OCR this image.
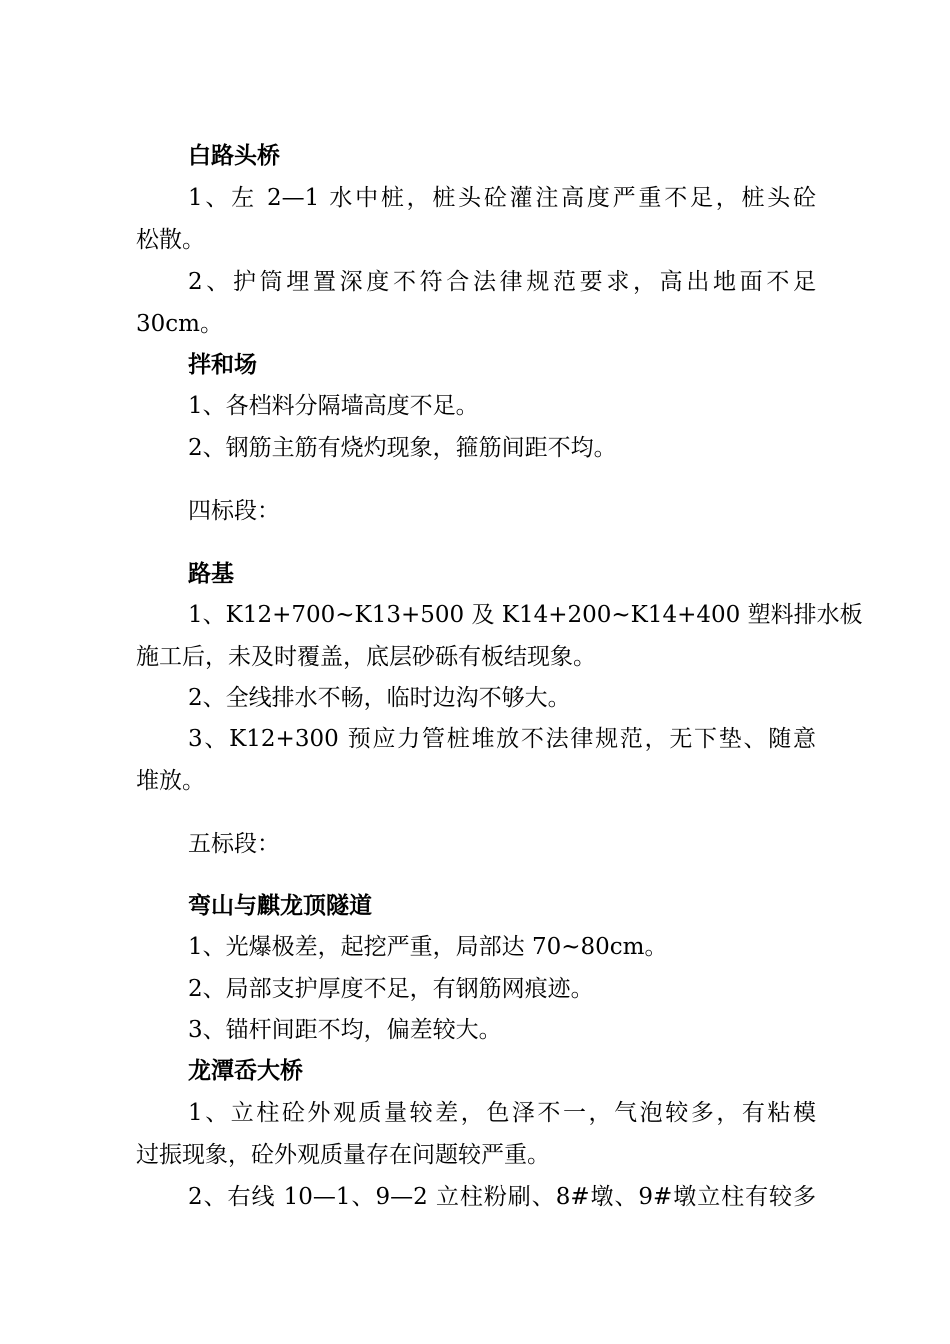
白路头桥
1、左 2—1 水中桩，桩头砼灌注高度严重不足，桩头砼
松散。
2、护筒埋置深度不符合法律规范要求，高出地面不足
30cm。
拌和场
1、各档料分隔墙高度不足。
2、钢筋主筋有烧灼现象，箍筋间距不均。
四标段：
路基
1、K12+700~K13+500 及 K14+200~K14+400 塑料排水板
施工后，未及时覆盖，底层砂砾有板结现象。
2、全线排水不畅，临时边沟不够大。
3、K12+300 预应力管桩堆放不法律规范，无下垫、随意
堆放。
五标段：
弯山与麒龙顶隧道
1、光爆极差，起挖严重，局部达 70~80cm。
2、局部支护厚度不足，有钢筋网痕迹。
3、锚杆间距不均，偏差较大。
龙潭岙大桥
1、立柱砼外观质量较差，色泽不一，气泡较多，有粘模
过振现象，砼外观质量存在问题较严重。
2、右线 10—1、9—2 立柱粉刷、8#墩、9#墩立柱有较多
